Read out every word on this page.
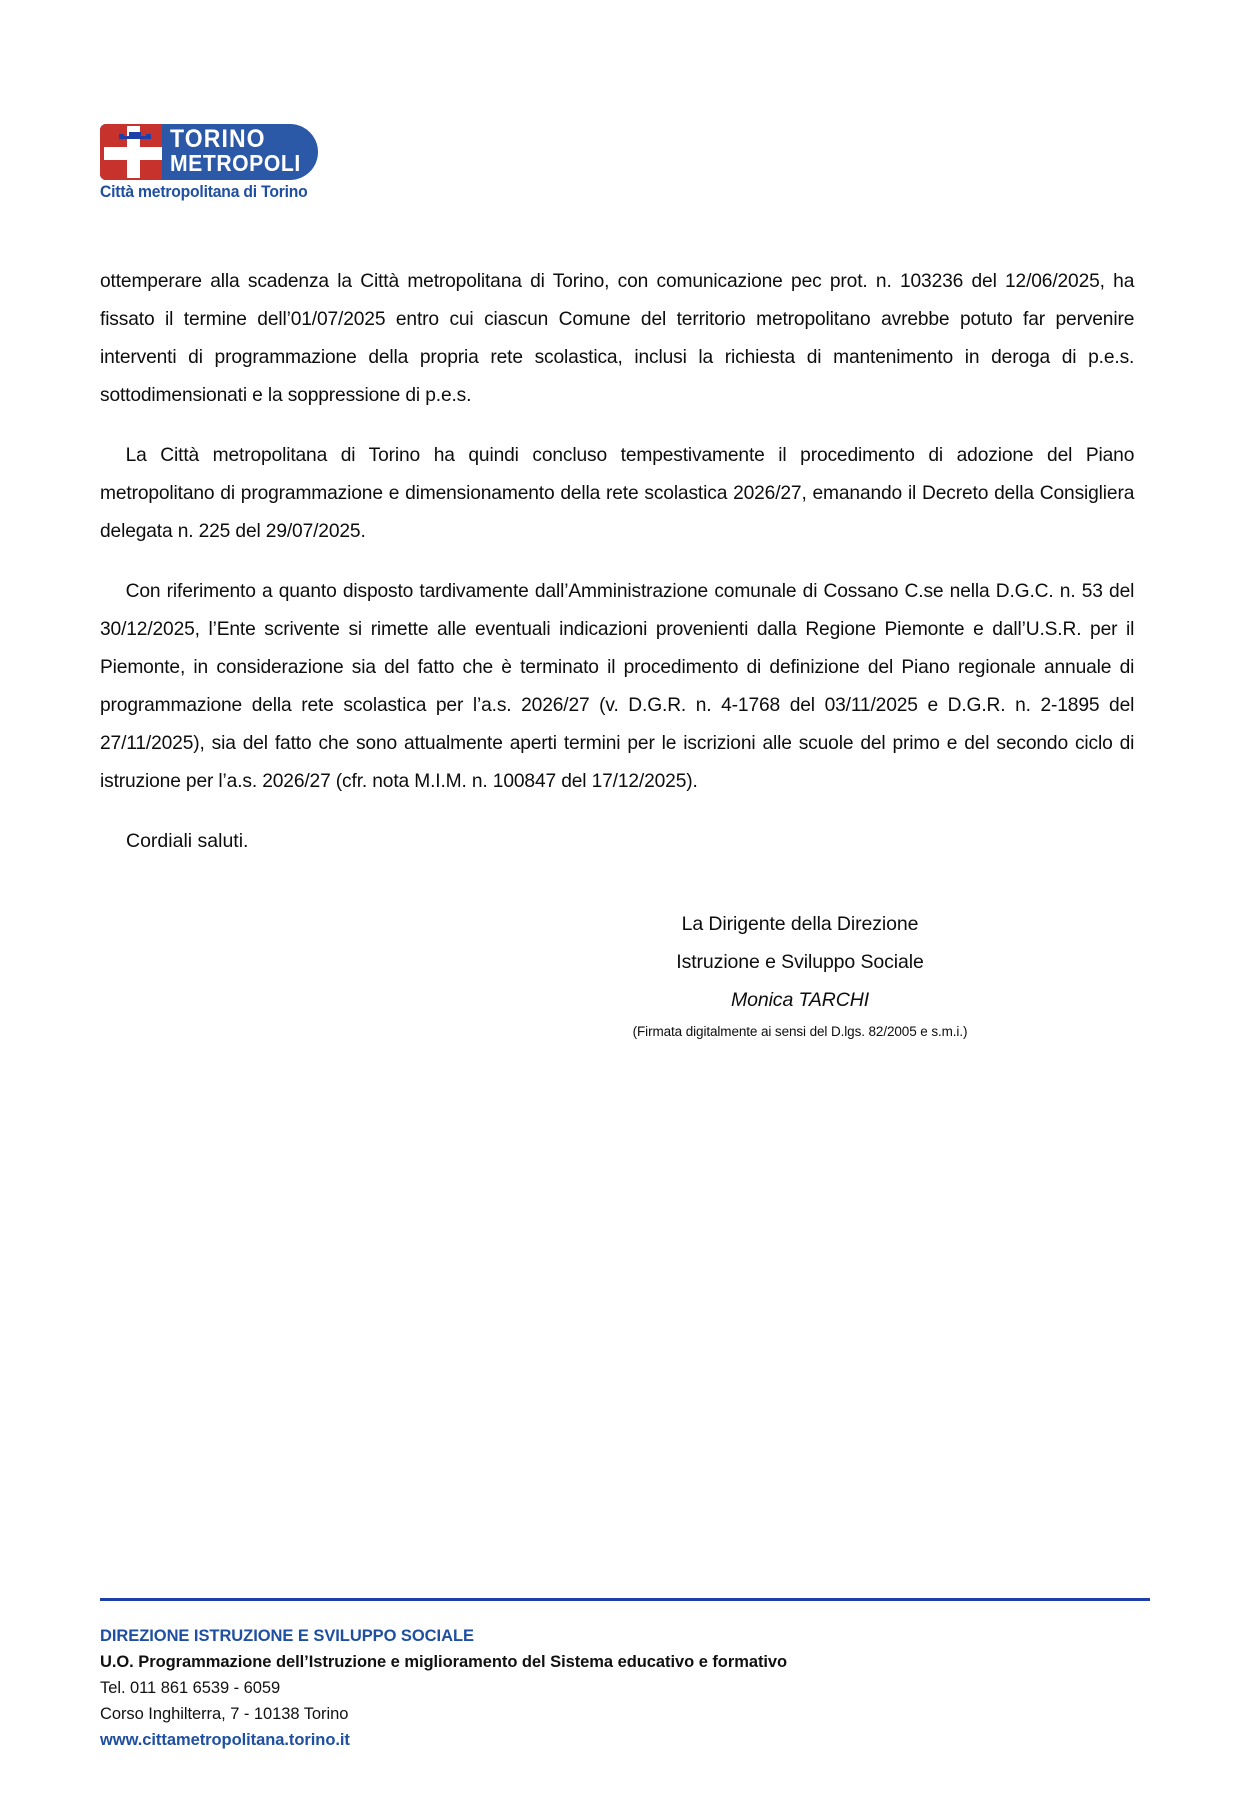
TORINO
METROPOLI
Città metropolitana di Torino

ottemperare alla scadenza la Città metropolitana di Torino, con comunicazione pec prot. n. 103236 del 12/06/2025, ha fissato il termine dell’01/07/2025 entro cui ciascun Comune del territorio metropolitano avrebbe potuto far pervenire interventi di programmazione della propria rete scolastica, inclusi la richiesta di mantenimento in deroga di p.e.s. sottodimensionati e la soppressione di p.e.s.

La Città metropolitana di Torino ha quindi concluso tempestivamente il procedimento di adozione del Piano metropolitano di programmazione e dimensionamento della rete scolastica 2026/27, emanando il Decreto della Consigliera delegata n. 225 del 29/07/2025.

Con riferimento a quanto disposto tardivamente dall’Amministrazione comunale di Cossano C.se nella D.G.C. n. 53 del 30/12/2025, l’Ente scrivente si rimette alle eventuali indicazioni provenienti dalla Regione Piemonte e dall’U.S.R. per il Piemonte, in considerazione sia del fatto che è terminato il procedimento di definizione del Piano regionale annuale di programmazione della rete scolastica per l’a.s. 2026/27 (v. D.G.R. n. 4-1768 del 03/11/2025 e D.G.R. n. 2-1895 del 27/11/2025), sia del fatto che sono attualmente aperti termini per le iscrizioni alle scuole del primo e del secondo ciclo di istruzione per l’a.s. 2026/27 (cfr. nota M.I.M. n. 100847 del 17/12/2025).

Cordiali saluti.

La Dirigente della Direzione
Istruzione e Sviluppo Sociale
Monica TARCHI
(Firmata digitalmente ai sensi del D.lgs. 82/2005 e s.m.i.)
DIREZIONE ISTRUZIONE E SVILUPPO SOCIALE
U.O. Programmazione dell’Istruzione e miglioramento del Sistema educativo e formativo
Tel. 011 861 6539 - 6059
Corso Inghilterra, 7 - 10138 Torino
www.cittametropolitana.torino.it
